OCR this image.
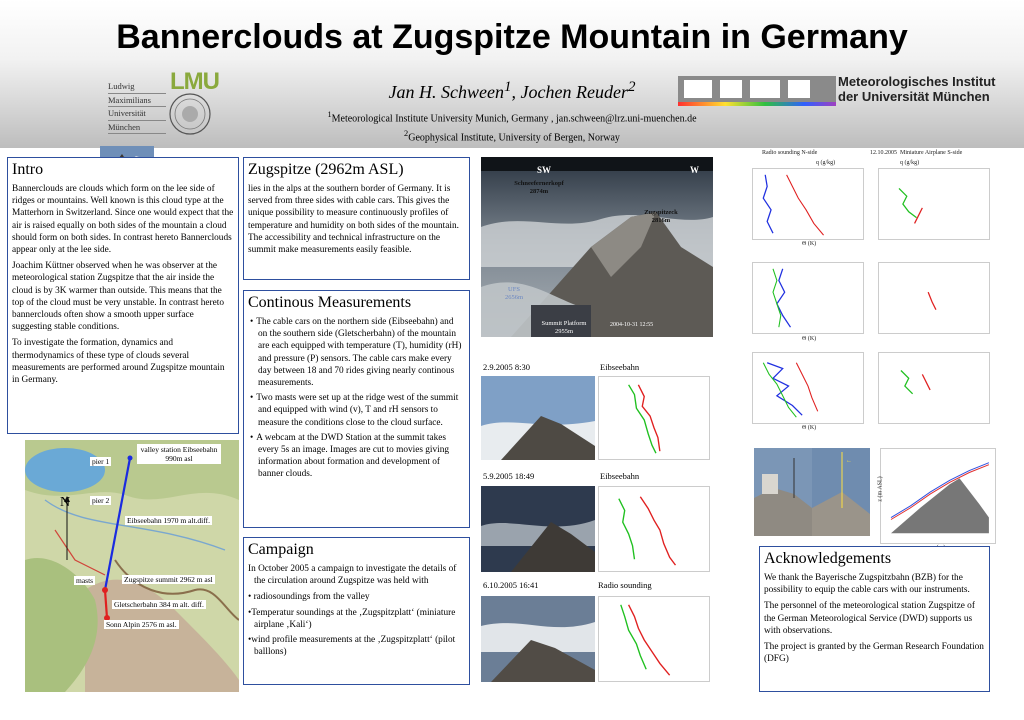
Bannerclouds at Zugspitze Mountain in Germany
Ludwig
Maximilians
Universität
München
LMU	Jan H. Schween$^1$, Jochen Reuder$^2$	Meteorologisches Institut
der Universität München
$^1$Meteorological Institute University Munich, Germany , jan.schween@lrz.uni-muenchen.de
$^2$Geophysical Institute, University of Bergen, Norway
Intro

Bannerclouds are clouds which form on the lee side of ridges or mountains. Well known is this cloud type at the Matterhorn in Switzerland. Since one would expect that the air is raised equally on both sides of the mountain a cloud should form on both sides. In contrast hereto Bannerclouds appear only at the lee side.

Joachim Küttner observed when he was observer at the meteorological station Zugspitze that the air inside the cloud is by 3K warmer than outside. This means that the top of the cloud must be very unstable. In contrast hereto bannerclouds often show a smooth upper surface suggesting stable conditions.

To investigate the formation, dynamics and thermodynamics of these type of clouds several measurements are performed around Zugspitze mountain in Germany.

N
valley station Eibseebahn 990m asl
pier 1
pier 2
Eibseebahn 1970 m alt.diff.
masts	Zugspitze summit 2962 m asl
Gletscherbahn 384 m alt. diff.
Sonn Alpin 2576 m asl.
Zugspitze (2962m ASL)

lies in the alps at the southern border of Germany. It is served from three sides with cable cars. This gives the unique possibility to measure continuously profiles of temperature and humidity on both sides of the mountain. The accessibility and technical infrastructure on the summit make measurements easily feasible.

Continous Measurements
• The cable cars on the northern side (Eibseebahn) and on the southern side (Gletscherbahn) of the mountain are each equipped with temperature (T), humidity (rH) and pressure (P) sensors. The cable cars make every day between 18 and 70 rides giving nearly continous measurements.
• Two masts were set up at the ridge west of the summit and equipped with wind (v), T and rH sensors to measure the conditions close to the cloud surface.
• A webcam at the DWD Station at the summit takes every 5s an image. Images are cut to movies giving information about formation and development of banner clouds.
Campaign

In October 2005 a campaign to investigate the details of the circulation around Zugspitze was held with

• radiosoundings from the valley
•Temperatur soundings at the ‚Zugspitzplatt‘ (miniature airplane ‚Kali‘)
•wind profile measurements at the ‚Zugspitzplatt‘ (pilot balllons)
SW	W
Schneefernerkopf
2874m
Zugspitzeck
2816m
UFS
2656m
Summit Platform
2955m
2004-10-31 12:55
2.9.2005 8:30	Eibseebahn
5.9.2005 18:49	Eibseebahn
6.10.2005 16:41	Radio sounding
Radio sounding N-side	12.10.2005 Miniature Airplane S-side
q (g/kg)	q (g/kg)
z (km ASL)
Θ (K)
Θ (K)
Θ (K)
←
z (m ASL)
Acknowledgements

We thank the Bayerische Zugspitzbahn (BZB) for the possibility to equip the cable cars with our instruments.

The personnel of the meteorological station Zugspitze of the German Meteorological Service (DWD) supports us with observations.

The project is granted by the German Research Foundation (DFG)
